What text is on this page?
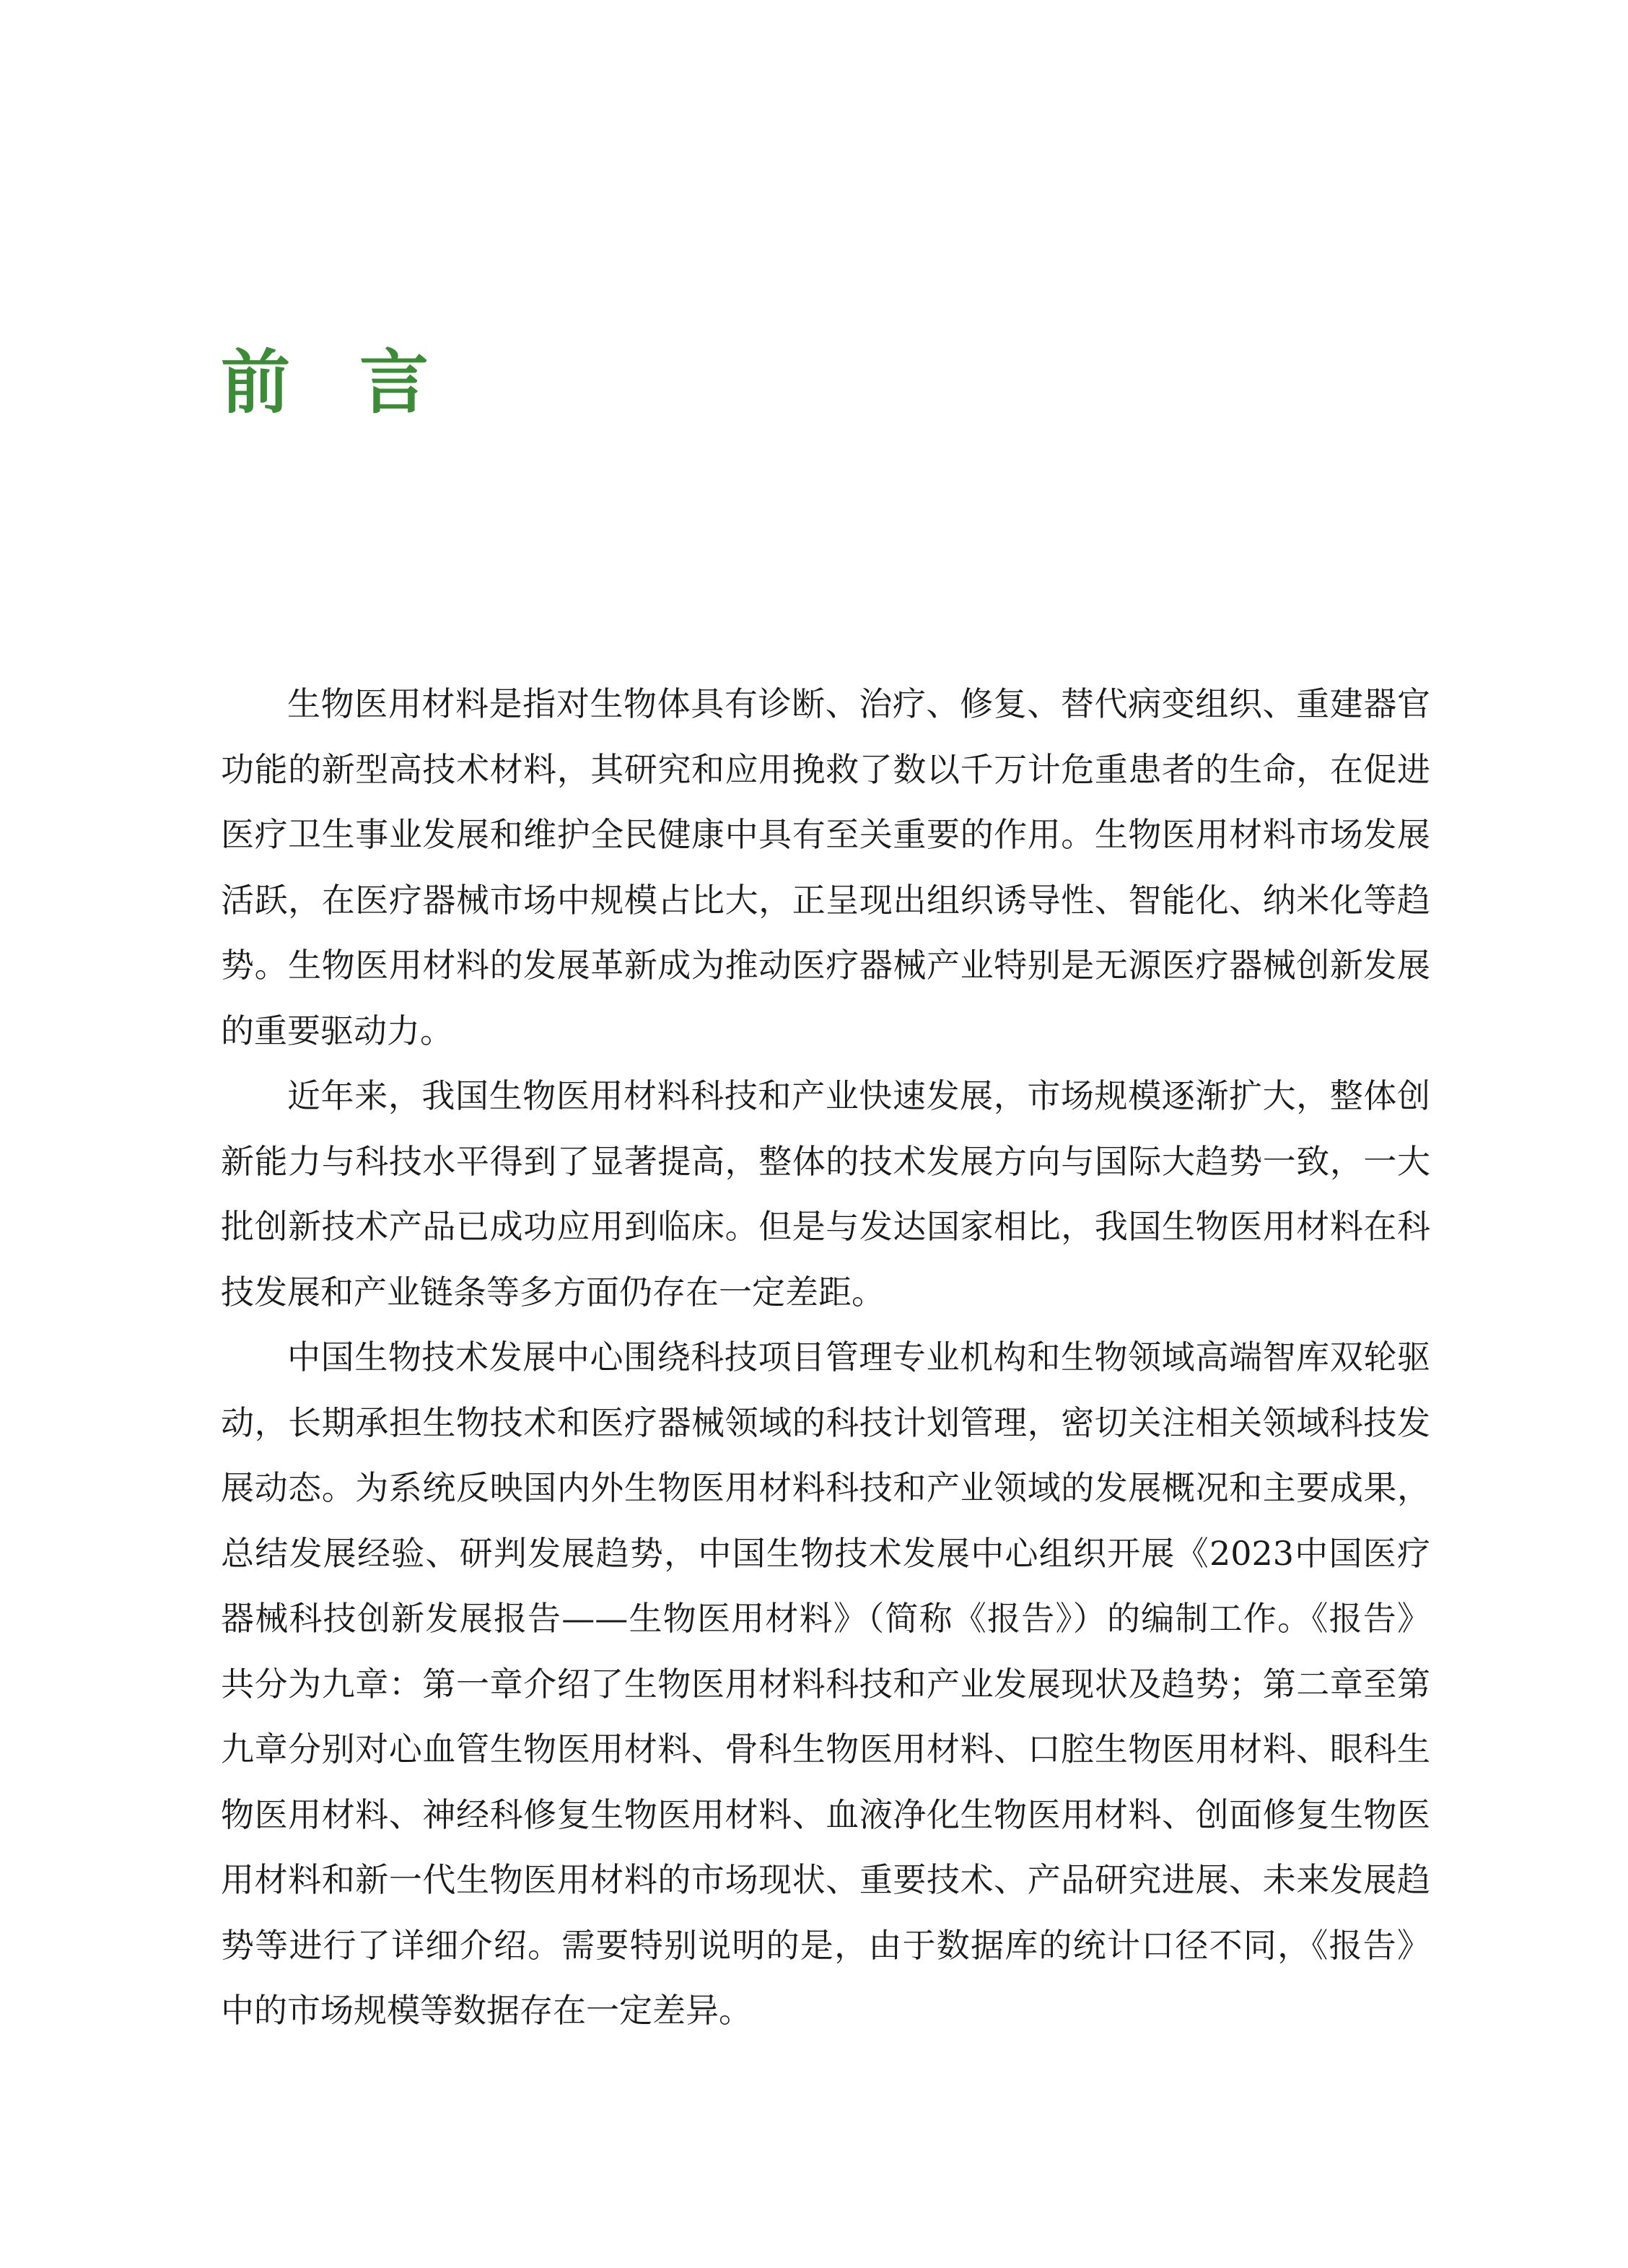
前言

生物医用材料是指对生物体具有诊断、治疗、修复、替代病变组织、重建器官功能的新型高技术材料，其研究和应用挽救了数以千万计危重患者的生命，在促进医疗卫生事业发展和维护全民健康中具有至关重要的作用。生物医用材料市场发展活跃，在医疗器械市场中规模占比大，正呈现出组织诱导性、智能化、纳米化等趋势。生物医用材料的发展革新成为推动医疗器械产业特别是无源医疗器械创新发展的重要驱动力。

近年来，我国生物医用材料科技和产业快速发展，市场规模逐渐扩大，整体创新能力与科技水平得到了显著提高，整体的技术发展方向与国际大趋势一致，一大批创新技术产品已成功应用到临床。但是与发达国家相比，我国生物医用材料在科技发展和产业链条等多方面仍存在一定差距。

中国生物技术发展中心围绕科技项目管理专业机构和生物领域高端智库双轮驱动，长期承担生物技术和医疗器械领域的科技计划管理，密切关注相关领域科技发展动态。为系统反映国内外生物医用材料科技和产业领域的发展概况和主要成果，总结发展经验、研判发展趋势，中国生物技术发展中心组织开展《2023中国医疗器械科技创新发展报告——生物医用材料》（简称《报告》）的编制工作。《报告》共分为九章：第一章介绍了生物医用材料科技和产业发展现状及趋势；第二章至第九章分别对心血管生物医用材料、骨科生物医用材料、口腔生物医用材料、眼科生物医用材料、神经科修复生物医用材料、血液净化生物医用材料、创面修复生物医用材料和新一代生物医用材料的市场现状、重要技术、产品研究进展、未来发展趋势等进行了详细介绍。需要特别说明的是，由于数据库的统计口径不同，《报告》中的市场规模等数据存在一定差异。
